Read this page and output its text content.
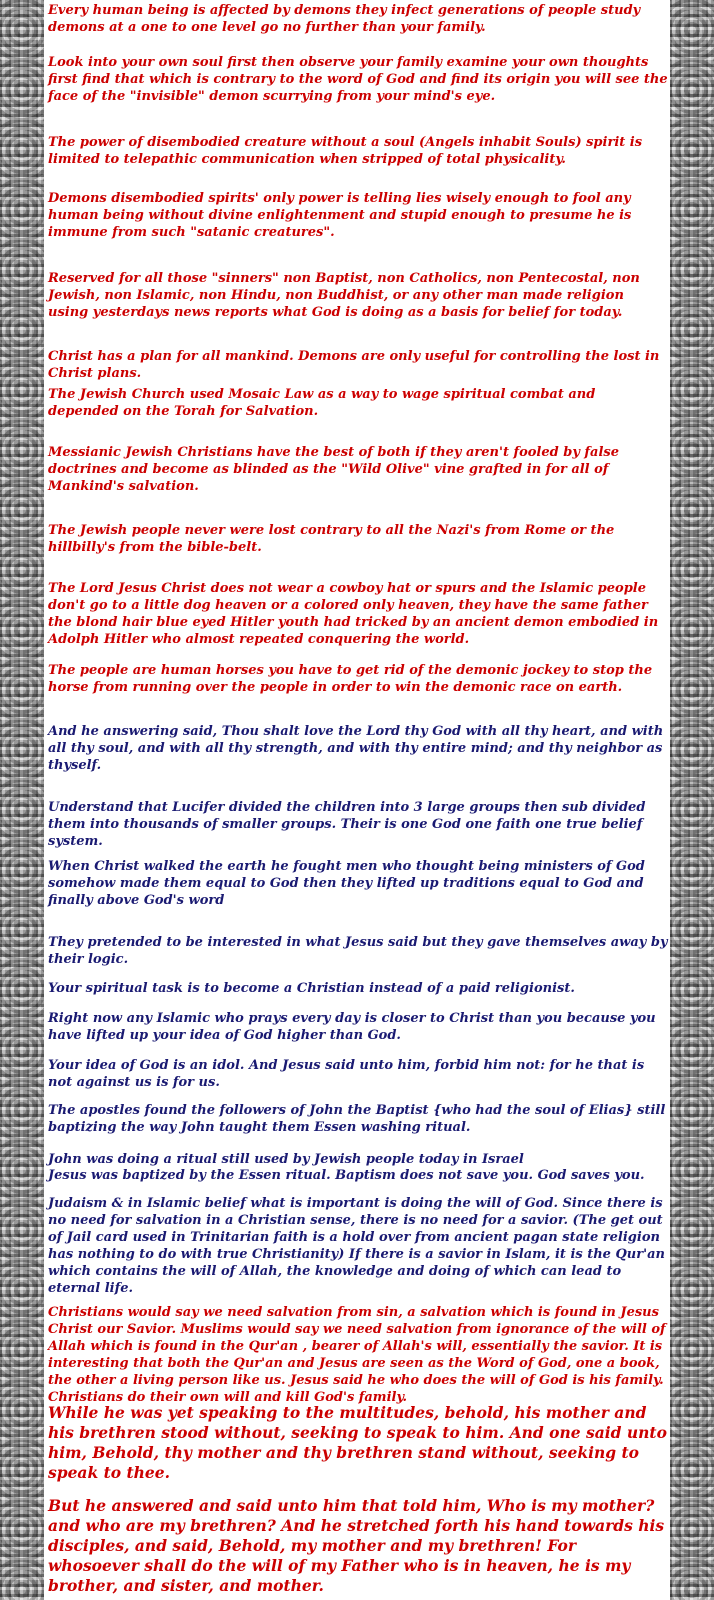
Every human being is affected by demons they infect generations of people study demons at a one to one level go no further than your family.

Look into your own soul first then observe your family examine your own thoughts first find that which is contrary to the word of God and find its origin you will see the face of the "invisible" demon scurrying from your mind's eye.

The power of disembodied creature without a soul (Angels inhabit Souls) spirit is limited to telepathic communication when stripped of total physicality.

Demons disembodied spirits' only power is telling lies wisely enough to fool any human being without divine enlightenment and stupid enough to presume he is immune from such "satanic creatures".

Reserved for all those "sinners" non Baptist, non Catholics, non Pentecostal, non Jewish, non Islamic, non Hindu, non Buddhist, or any other man made religion using yesterdays news reports what God is doing as a basis for belief for today.

Christ has a plan for all mankind. Demons are only useful for controlling the lost in Christ plans.

The Jewish Church used Mosaic Law as a way to wage spiritual combat and depended on the Torah for Salvation.

Messianic Jewish Christians have the best of both if they aren't fooled by false doctrines and become as blinded as the "Wild Olive" vine grafted in for all of Mankind's salvation.

The Jewish people never were lost contrary to all the Nazi's from Rome or the hillbilly's from the bible-belt.

The Lord Jesus Christ does not wear a cowboy hat or spurs and the Islamic people don't go to a little dog heaven or a colored only heaven, they have the same father the blond hair blue eyed Hitler youth had tricked by an ancient demon embodied in Adolph Hitler who almost repeated conquering the world.

The people are human horses you have to get rid of the demonic jockey to stop the horse from running over the people in order to win the demonic race on earth.

And he answering said, Thou shalt love the Lord thy God with all thy heart, and with all thy soul, and with all thy strength, and with thy entire mind; and thy neighbor as thyself.

Understand that Lucifer divided the children into 3 large groups then sub divided them into thousands of smaller groups. Their is one God one faith one true belief system.

When Christ walked the earth he fought men who thought being ministers of God somehow made them equal to God then they lifted up traditions equal to God and finally above God's word

They pretended to be interested in what Jesus said but they gave themselves away by their logic.

Your spiritual task is to become a Christian instead of a paid religionist.

Right now any Islamic who prays every day is closer to Christ than you because you have lifted up your idea of God higher than God.

Your idea of God is an idol. And Jesus said unto him, forbid him not: for he that is not against us is for us.

The apostles found the followers of John the Baptist {who had the soul of Elias} still baptizing the way John taught them Essen washing ritual.

John was doing a ritual still used by Jewish people today in Israel

Jesus was baptized by the Essen ritual. Baptism does not save you. God saves you.

Judaism & in Islamic belief what is important is doing the will of God. Since there is no need for salvation in a Christian sense, there is no need for a savior. (The get out of Jail card used in Trinitarian faith is a hold over from ancient pagan state religion has nothing to do with true Christianity) If there is a savior in Islam, it is the Qur'an which contains the will of Allah, the knowledge and doing of which can lead to eternal life.

Christians would say we need salvation from sin, a salvation which is found in Jesus Christ our Savior. Muslims would say we need salvation from ignorance of the will of Allah which is found in the Qur'an , bearer of Allah's will, essentially the savior. It is interesting that both the Qur'an and Jesus are seen as the Word of God, one a book, the other a living person like us. Jesus said he who does the will of God is his family. Christians do their own will and kill God's family.

While he was yet speaking to the multitudes, behold, his mother and his brethren stood without, seeking to speak to him. And one said unto him, Behold, thy mother and thy brethren stand without, seeking to speak to thee.

But he answered and said unto him that told him, Who is my mother? and who are my brethren? And he stretched forth his hand towards his disciples, and said, Behold, my mother and my brethren! For whosoever shall do the will of my Father who is in heaven, he is my brother, and sister, and mother.
